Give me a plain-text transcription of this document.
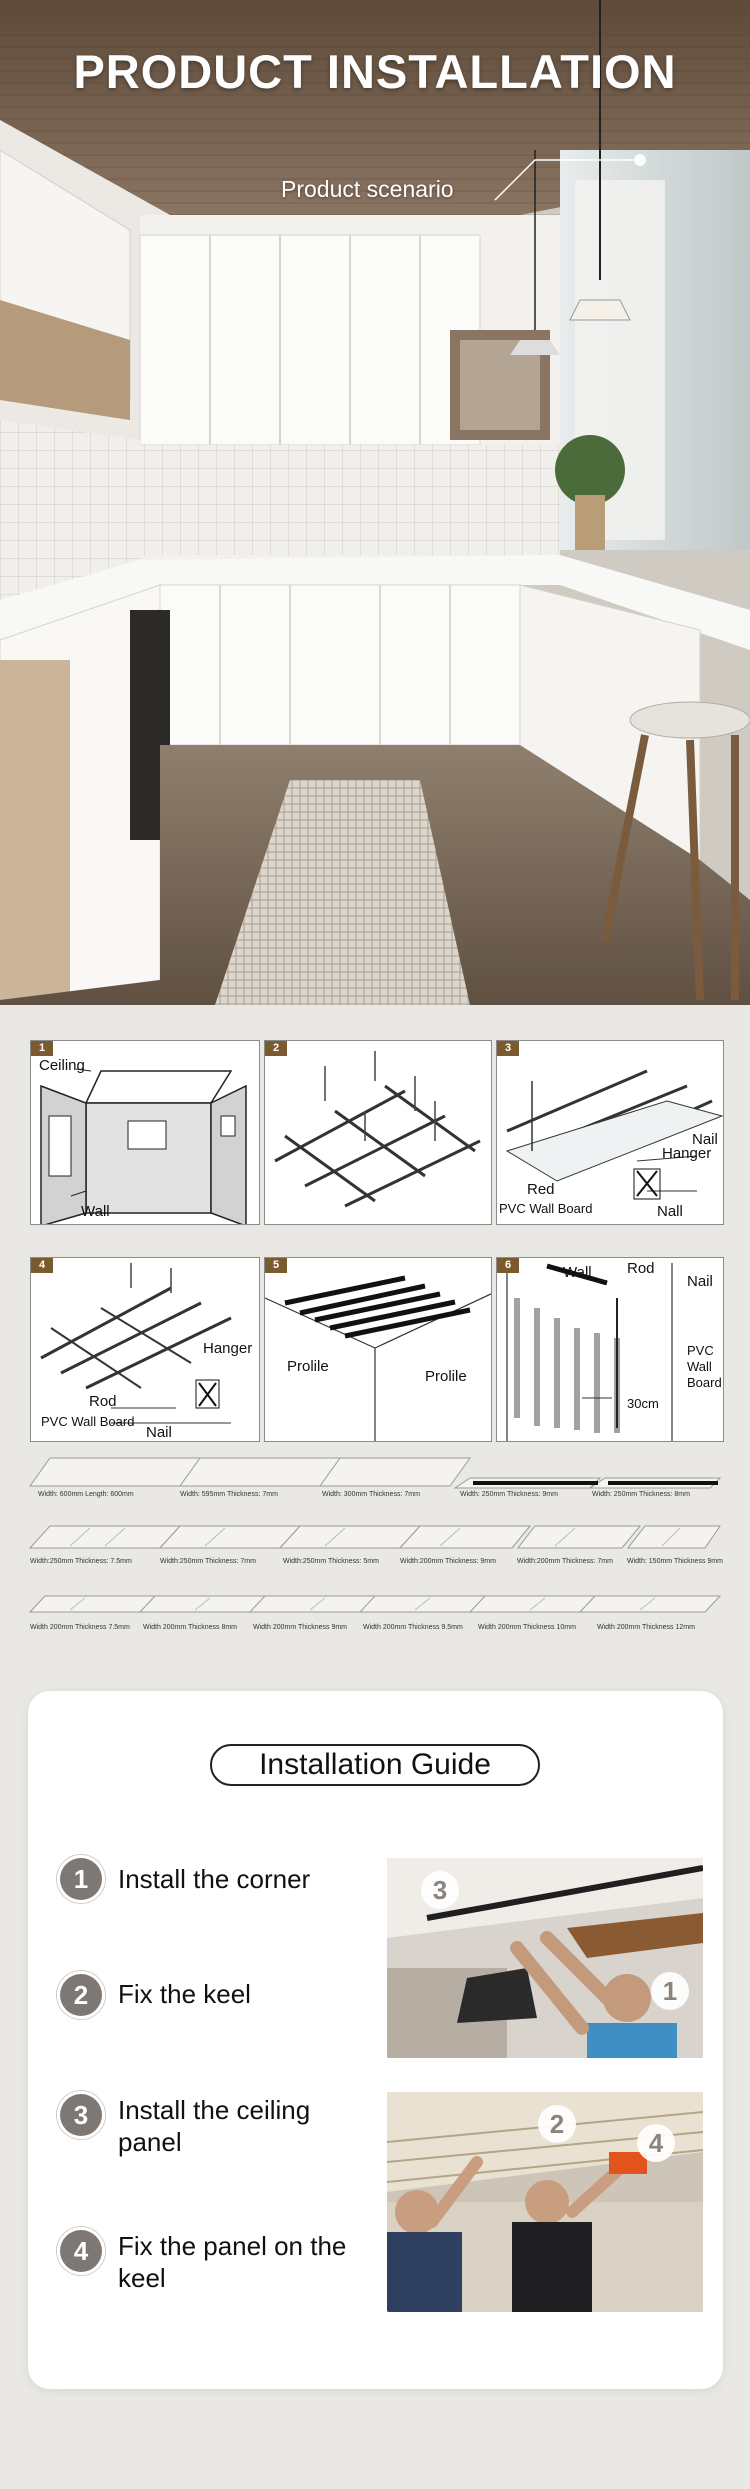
PRODUCT INSTALLATION
Product scenario
1
Ceiling
Wall
2	3
Nail
Hanger
Red
PVC Wall Board	Nall
4
Hanger
Rod
PVC Wall Board
Nail
5
Prolile
Prolile
6	Wall Rod
Nail
PVC
Wall
Board
30cm
Width: 600mm Length: 600mm	Width: 595mm Thickness: 7mm	Width: 300mm Thickness: 7mm	Width: 250mm Thickness: 9mm	Width: 250mm Thickness: 8mm
Width:250mm Thickness: 7.5mm	Width:250mm Thickness: 7mm	Width:250mm Thickness: 5mm	Width:200mm Thickness: 9mm	Width:200mm Thickness: 7mm Width: 150mm Thickness 9mm
Width 200mm Thickness 7.5mm Width 200mm Thickness 8mm Width 200mm Thickness 9mm Width 200mm Thickness 9.5mm Width 200mm Thickness 10mm	Width 200mm Thickness 12mm
Installation Guide
1	Install the corner
2	Fix the keel
3	Install the ceiling panel
4	Fix the panel on the keel
3
1
2
4
